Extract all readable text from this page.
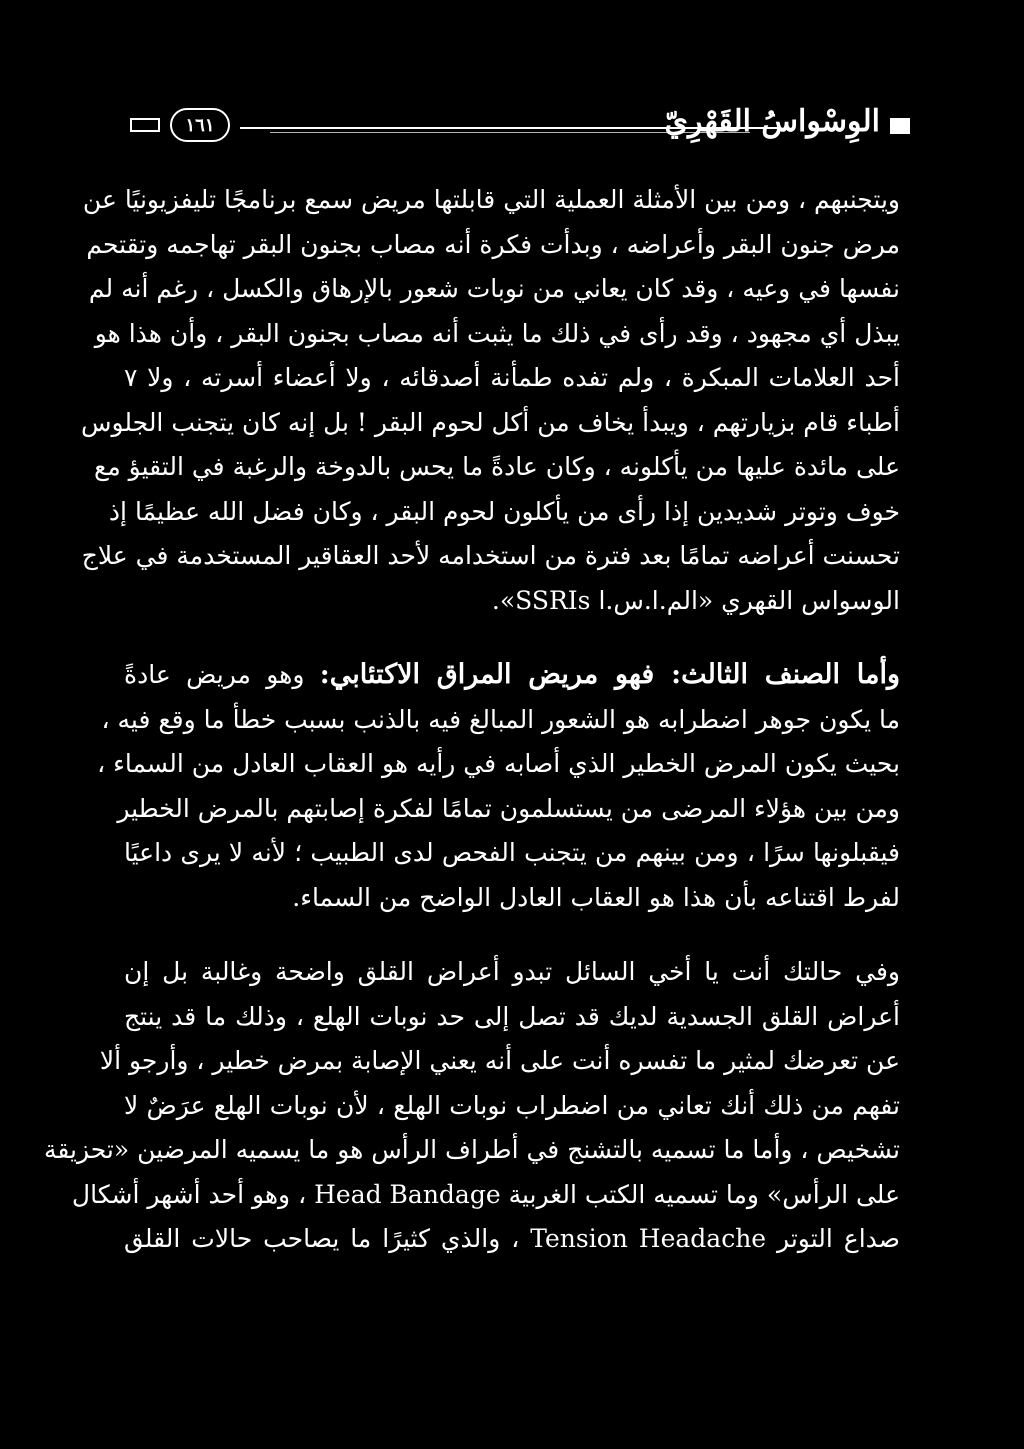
١٦١	الوِسْواسُ القَهْرِيّ
ويتجنبهم ، ومن بين الأمثلة العملية التي قابلتها مريض سمع برنامجًا تليفزيونيًا عن
مرض جنون البقر وأعراضه ، وبدأت فكرة أنه مصاب بجنون البقر تهاجمه وتقتحم
نفسها في وعيه ، وقد كان يعاني من نوبات شعور بالإرهاق والكسل ، رغم أنه لم
يبذل أي مجهود ، وقد رأى في ذلك ما يثبت أنه مصاب بجنون البقر ، وأن هذا هو
أحد العلامات المبكرة ، ولم تفده طمأنة أصدقائه ، ولا أعضاء أسرته ، ولا ٧
أطباء قام بزيارتهم ، ويبدأ يخاف من أكل لحوم البقر ! بل إنه كان يتجنب الجلوس
على مائدة عليها من يأكلونه ، وكان عادةً ما يحس بالدوخة والرغبة في التقيؤ مع
خوف وتوتر شديدين إذا رأى من يأكلون لحوم البقر ، وكان فضل الله عظيمًا إذ
تحسنت أعراضه تمامًا بعد فترة من استخدامه لأحد العقاقير المستخدمة في علاج
الوسواس القهري «الم.ا.س.ا SSRIs».
وأما الصنف الثالث: فهو مريض المراق الاكتئابي: وهو مريض عادةً
ما يكون جوهر اضطرابه هو الشعور المبالغ فيه بالذنب بسبب خطأ ما وقع فيه ،
بحيث يكون المرض الخطير الذي أصابه في رأيه هو العقاب العادل من السماء ،
ومن بين هؤلاء المرضى من يستسلمون تمامًا لفكرة إصابتهم بالمرض الخطير
فيقبلونها سرًا ، ومن بينهم من يتجنب الفحص لدى الطبيب ؛ لأنه لا يرى داعيًا
لفرط اقتناعه بأن هذا هو العقاب العادل الواضح من السماء.
وفي حالتك أنت يا أخي السائل تبدو أعراض القلق واضحة وغالبة بل إن
أعراض القلق الجسدية لديك قد تصل إلى حد نوبات الهلع ، وذلك ما قد ينتج
عن تعرضك لمثير ما تفسره أنت على أنه يعني الإصابة بمرض خطير ، وأرجو ألا
تفهم من ذلك أنك تعاني من اضطراب نوبات الهلع ، لأن نوبات الهلع عرَضٌ لا
تشخيص ، وأما ما تسميه بالتشنج في أطراف الرأس هو ما يسميه المرضين «تحزيقة
على الرأس» وما تسميه الكتب الغربية Head Bandage ، وهو أحد أشهر أشكال
صداع التوتر Tension Headache ، والذي كثيرًا ما يصاحب حالات القلق
